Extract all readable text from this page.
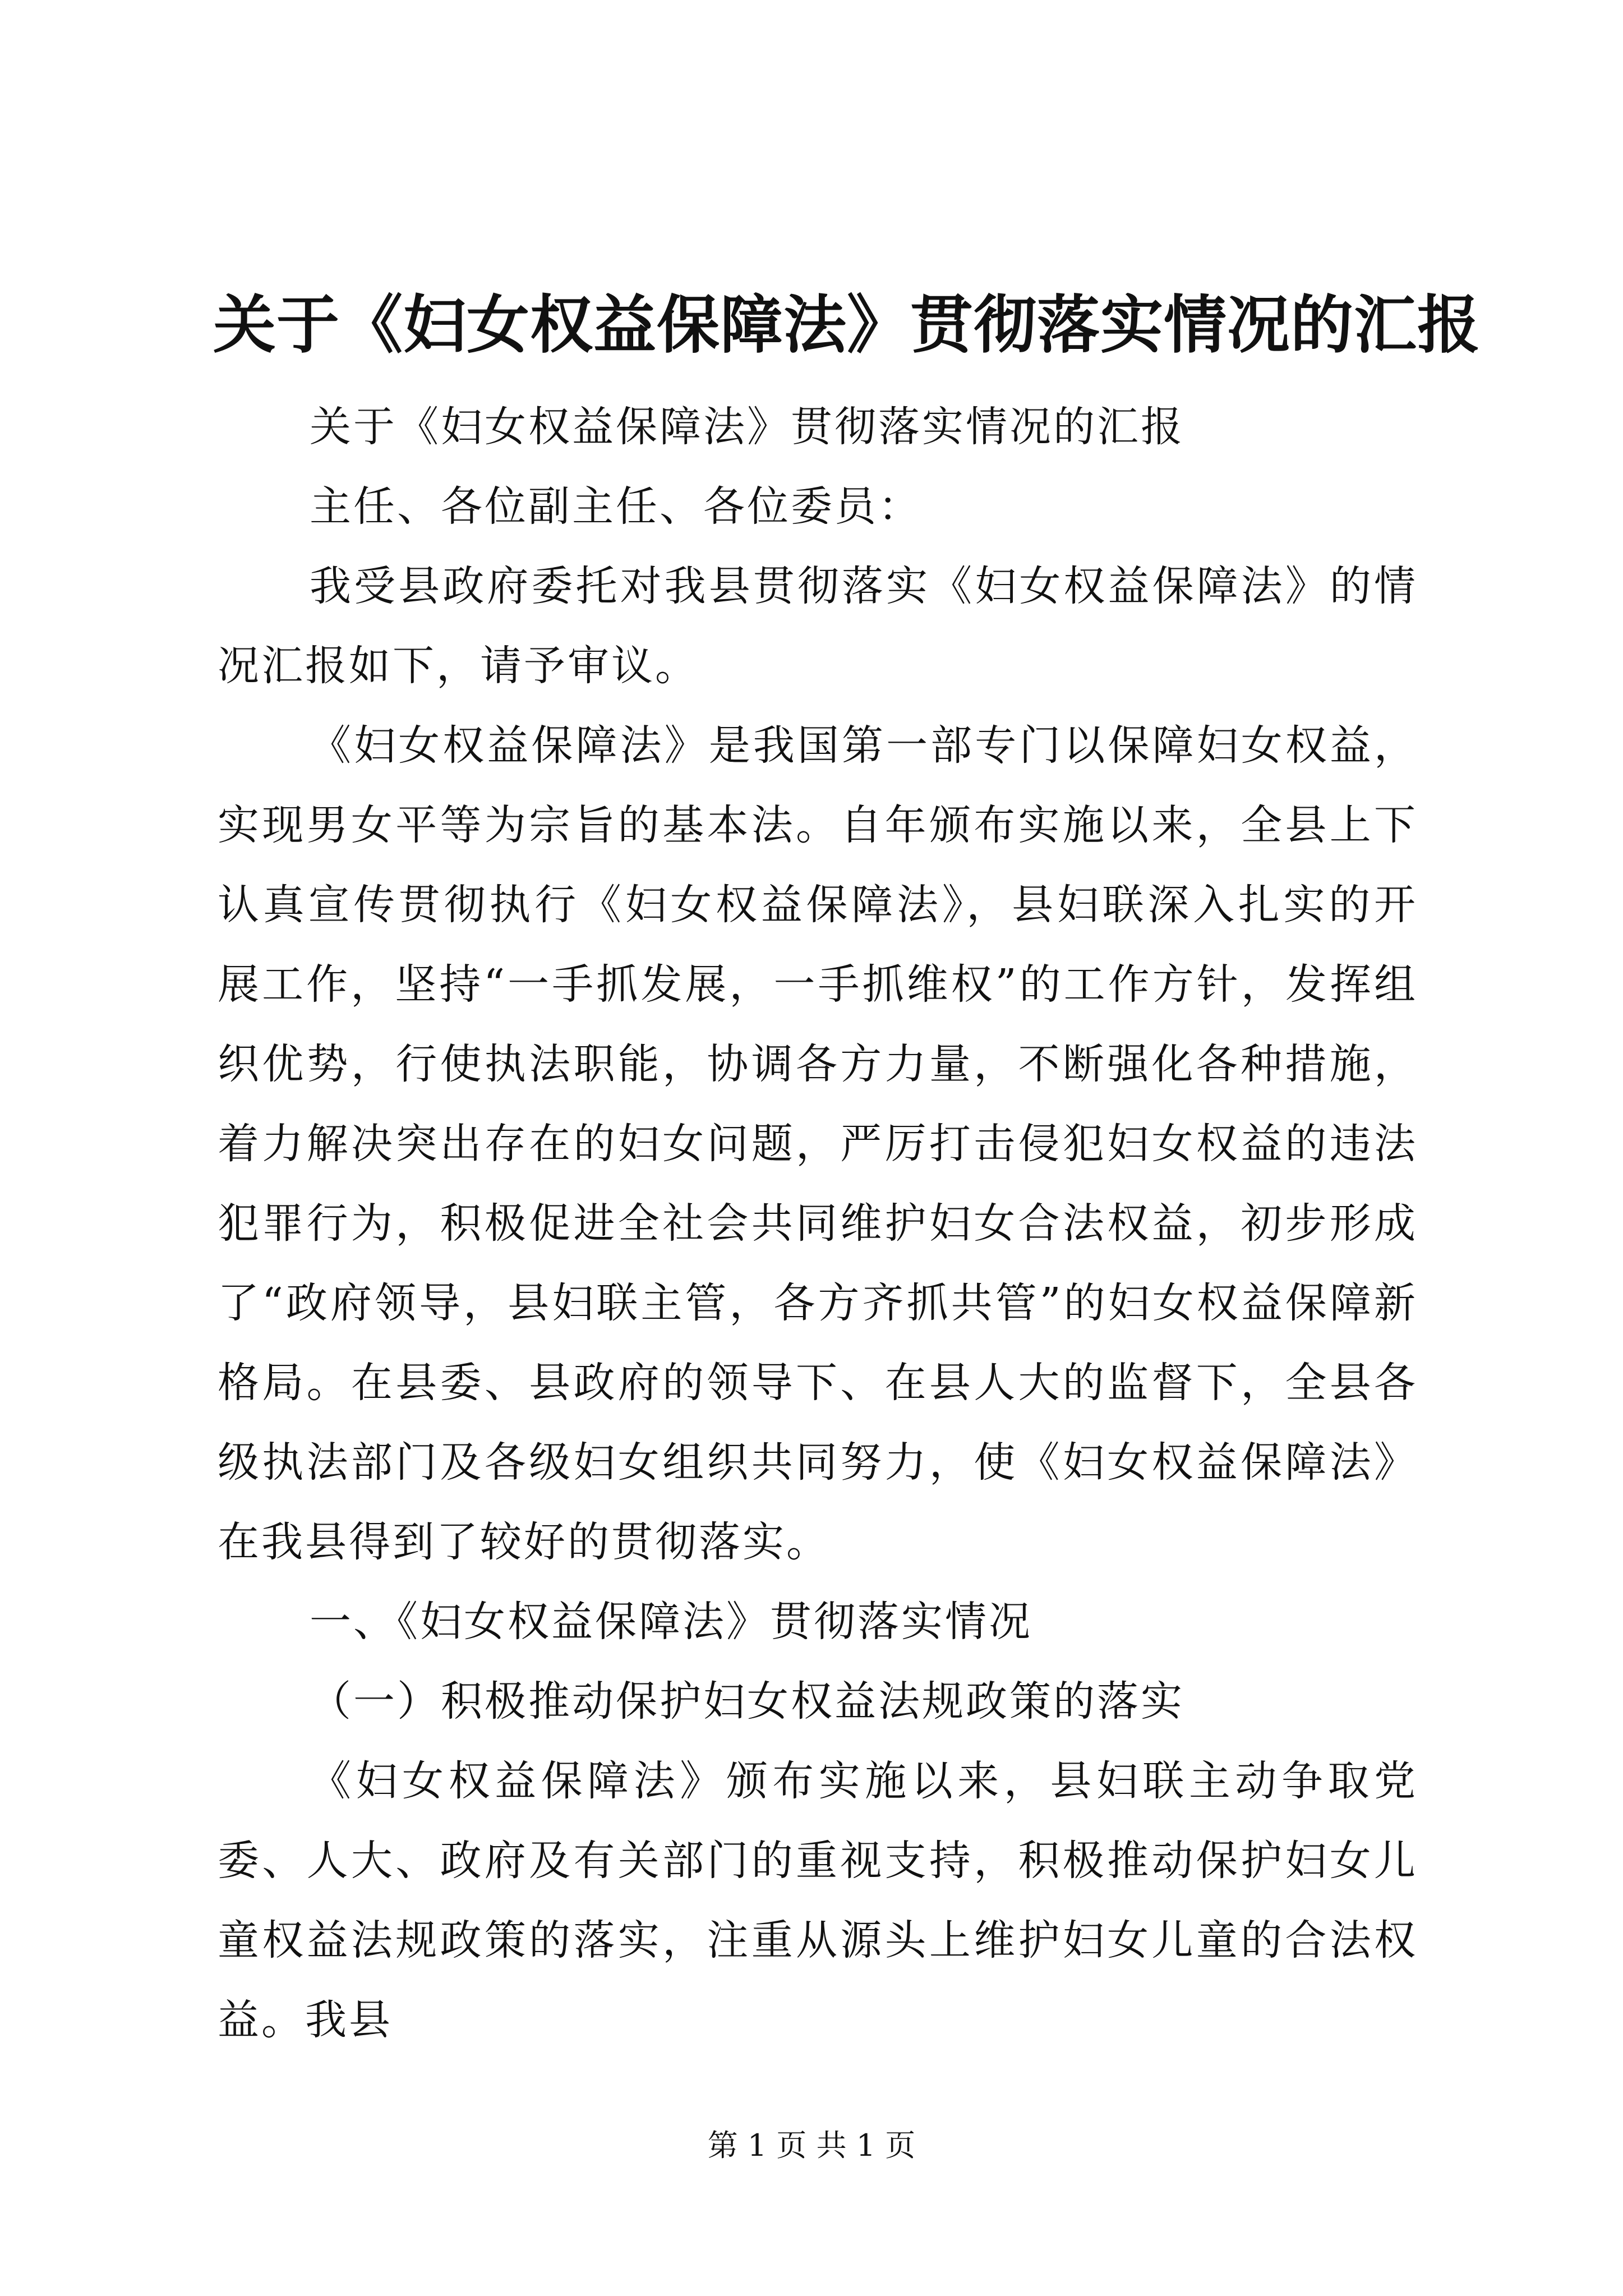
关于《妇女权益保障法》贯彻落实情况的汇报

关于《妇女权益保障法》贯彻落实情况的汇报

主任、各位副主任、各位委员：

我受县政府委托对我县贯彻落实《妇女权益保障法》的情况汇报如下，请予审议。

《妇女权益保障法》是我国第一部专门以保障妇女权益，实现男女平等为宗旨的基本法。自年颁布实施以来，全县上下认真宣传贯彻执行《妇女权益保障法》，县妇联深入扎实的开展工作，坚持“一手抓发展，一手抓维权”的工作方针，发挥组织优势，行使执法职能，协调各方力量，不断强化各种措施，着力解决突出存在的妇女问题，严厉打击侵犯妇女权益的违法犯罪行为，积极促进全社会共同维护妇女合法权益，初步形成了“政府领导，县妇联主管，各方齐抓共管”的妇女权益保障新格局。在县委、县政府的领导下、在县人大的监督下，全县各级执法部门及各级妇女组织共同努力，使《妇女权益保障法》在我县得到了较好的贯彻落实。

一、《妇女权益保障法》贯彻落实情况

（一）积极推动保护妇女权益法规政策的落实

《妇女权益保障法》颁布实施以来，县妇联主动争取党委、人大、政府及有关部门的重视支持，积极推动保护妇女儿童权益法规政策的落实，注重从源头上维护妇女儿童的合法权益。我县

第 1 页 共 1 页
